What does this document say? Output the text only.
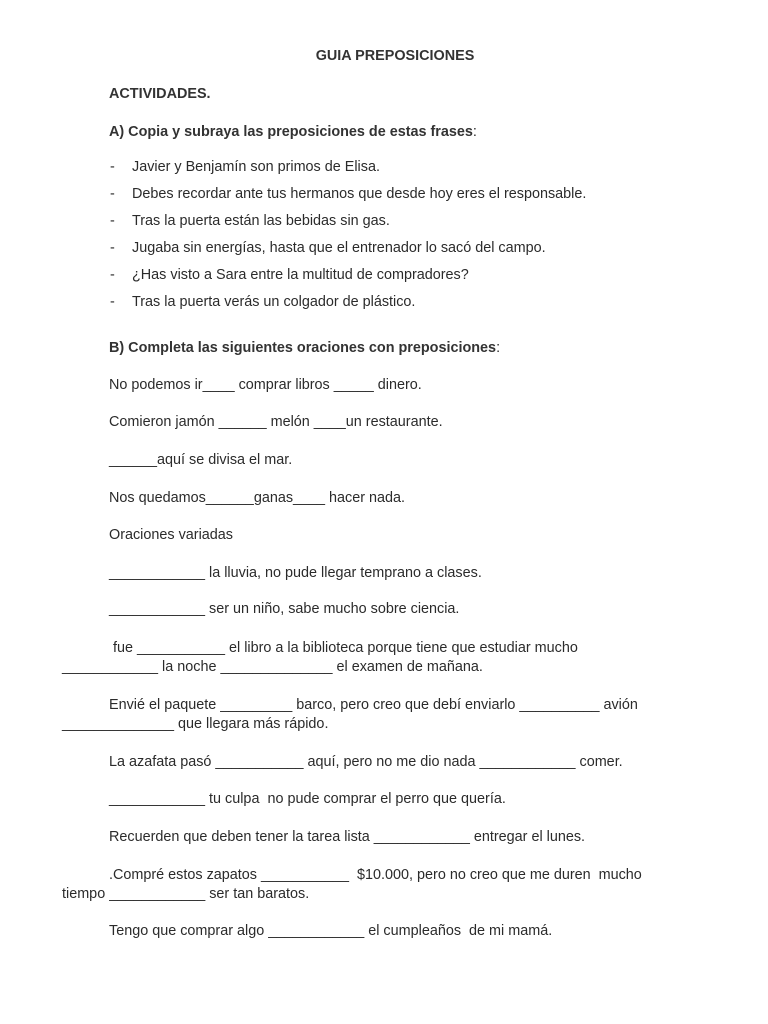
GUIA PREPOSICIONES
ACTIVIDADES.
A) Copia y subraya las preposiciones de estas frases:
- Javier y Benjamín son primos de Elisa.
- Debes recordar ante tus hermanos que desde hoy eres el responsable.
- Tras la puerta están las bebidas sin gas.
- Jugaba sin energías, hasta que el entrenador lo sacó del campo.
- ¿Has visto a Sara entre la multitud de compradores?
- Tras la puerta verás un colgador de plástico.
B) Completa las siguientes oraciones con preposiciones:
No podemos ir____ comprar libros _____ dinero.
Comieron jamón ______ melón ____un restaurante.
______aquí se divisa el mar.
Nos quedamos______ganas____ hacer nada.
Oraciones variadas
____________ la lluvia, no pude llegar temprano a clases.
____________ ser un niño, sabe mucho sobre ciencia.
fue ___________ el libro a la biblioteca porque tiene que estudiar mucho
____________ la noche ______________ el examen de mañana.
Envié el paquete _________ barco, pero creo que debí enviarlo __________ avión
______________ que llegara más rápido.
La azafata pasó ___________ aquí, pero no me dio nada ____________ comer.
____________ tu culpa  no pude comprar el perro que quería.
Recuerden que deben tener la tarea lista ____________ entregar el lunes.
.Compré estos zapatos ___________  $10.000, pero no creo que me duren  mucho
tiempo ____________ ser tan baratos.
Tengo que comprar algo ____________ el cumpleaños  de mi mamá.
